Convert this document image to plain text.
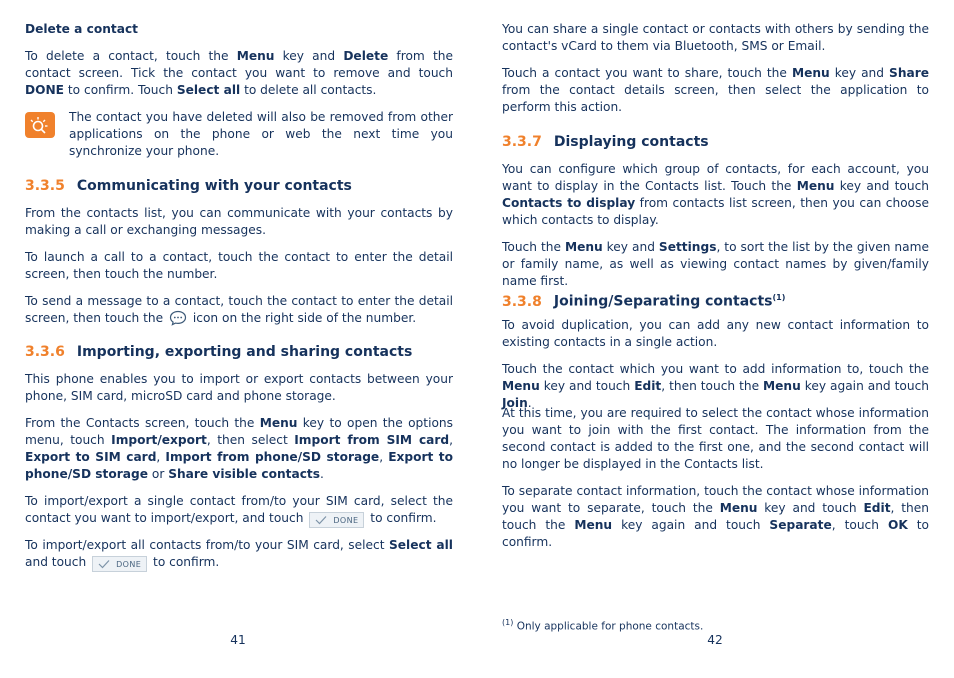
Delete a contact

To delete a contact, touch the Menu key and Delete from the contact screen. Tick the contact you want to remove and touch DONE to confirm. Touch Select all to delete all contacts.

The contact you have deleted will also be removed from other applications on the phone or web the next time you synchronize your phone.

3.3.5 Communicating with your contacts

From the contacts list, you can communicate with your contacts by making a call or exchanging messages.

To launch a call to a contact, touch the contact to enter the detail screen, then touch the number.

To send a message to a contact, touch the contact to enter the detail screen, then touch the  icon on the right side of the number.

3.3.6 Importing, exporting and sharing contacts

This phone enables you to import or export contacts between your phone, SIM card, microSD card and phone storage.

From the Contacts screen, touch the Menu key to open the options menu, touch Import/export, then select Import from SIM card, Export to SIM card, Import from phone/SD storage, Export to phone/SD storage or Share visible contacts.

To import/export a single contact from/to your SIM card, select the contact you want to import/export, and touch	DONE to confirm.

To import/export all contacts from/to your SIM card, select Select all and touch	DONE to confirm.

41

You can share a single contact or contacts with others by sending the contact's vCard to them via Bluetooth, SMS or Email.

Touch a contact you want to share, touch the Menu key and Share from the contact details screen, then select the application to perform this action.

3.3.7 Displaying contacts

You can configure which group of contacts, for each account, you want to display in the Contacts list. Touch the Menu key and touch Contacts to display from contacts list screen, then you can choose which contacts to display.

Touch the Menu key and Settings, to sort the list by the given name or family name, as well as viewing contact names by given/family name first.

3.3.8 Joining/Separating contacts$^{(1)}$

To avoid duplication, you can add any new contact information to existing contacts in a single action.

Touch the contact which you want to add information to, touch the Menu key and touch Edit, then touch the Menu key again and touch Join.

At this time, you are required to select the contact whose information you want to join with the first contact. The information from the second contact is added to the first one, and the second contact will no longer be displayed in the Contacts list.

To separate contact information, touch the contact whose information you want to separate, touch the Menu key and touch Edit, then touch the Menu key again and touch Separate, touch OK to confirm.

$^{(1)}$ Only applicable for phone contacts.
42
